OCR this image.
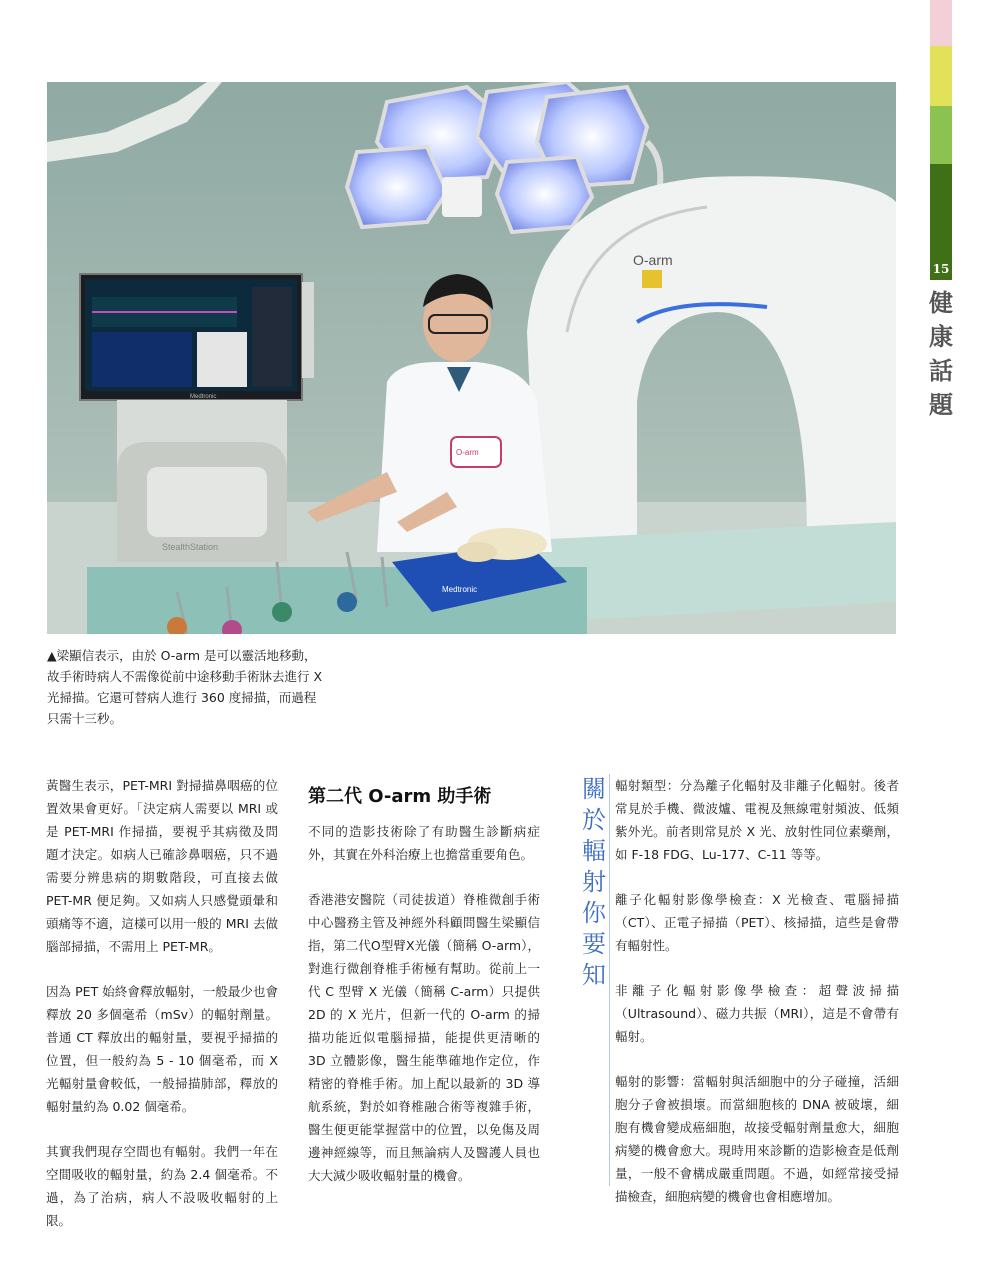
15
健
康
話
題
Medtronic
StealthStation
O-arm
O-arm
Medtronic

▲梁顯信表示，由於 O-arm 是可以靈活地移動，故手術時病人不需像從前中途移動手術牀去進行 X 光掃描。它還可替病人進行 360 度掃描，而過程只需十三秒。

黃醫生表示，PET-MRI 對掃描鼻咽癌的位置效果會更好。「決定病人需要以 MRI 或是 PET-MRI 作掃描，要視乎其病徵及問題才決定。如病人已確診鼻咽癌，只不過需要分辨患病的期數階段，可直接去做 PET-MR 便足夠。又如病人只感覺頭暈和頭痛等不適，這樣可以用一般的 MRI 去做腦部掃描，不需用上 PET-MR。

因為 PET 始終會釋放輻射，一般最少也會釋放 20 多個毫希（mSv）的輻射劑量。普通 CT 釋放出的輻射量，要視乎掃描的位置，但一般約為 5 - 10 個毫希，而 X 光輻射量會較低，一般掃描肺部，釋放的輻射量約為 0.02 個毫希。

其實我們現存空間也有輻射。我們一年在空間吸收的輻射量，約為 2.4 個毫希。不過，為了治病，病人不設吸收輻射的上限。

第二代 O-arm 助手術

不同的造影技術除了有助醫生診斷病症外，其實在外科治療上也擔當重要角色。

香港港安醫院（司徒拔道）脊椎微創手術中心醫務主管及神經外科顧問醫生梁顯信指，第二代O型臂X光儀（簡稱 O-arm），對進行微創脊椎手術極有幫助。從前上一代 C 型臂 X 光儀（簡稱 C-arm）只提供 2D 的 X 光片，但新一代的 O-arm 的掃描功能近似電腦掃描，能提供更清晰的 3D 立體影像，醫生能準確地作定位，作精密的脊椎手術。加上配以最新的 3D 導航系統，對於如脊椎融合術等複雜手術，醫生便更能掌握當中的位置，以免傷及周邊神經線等，而且無論病人及醫護人員也大大減少吸收輻射量的機會。

關
於
輻
射
你
要
知

輻射類型：分為離子化輻射及非離子化輻射。後者常見於手機、微波爐、電視及無線電射頻波、低頻紫外光。前者則常見於 X 光、放射性同位素藥劑，如 F-18 FDG、Lu-177、C-11 等等。

離子化輻射影像學檢查：X 光檢查、電腦掃描（CT）、正電子掃描（PET）、核掃描，這些是會帶有輻射性。

非離子化輻射影像學檢查：超聲波掃描（Ultrasound）、磁力共振（MRI），這是不會帶有輻射。

輻射的影響：當輻射與活細胞中的分子碰撞，活細胞分子會被損壞。而當細胞核的 DNA 被破壞，細胞有機會變成癌細胞，故接受輻射劑量愈大，細胞病變的機會愈大。現時用來診斷的造影檢查是低劑量，一般不會構成嚴重問題。不過，如經常接受掃描檢查，細胞病變的機會也會相應增加。
